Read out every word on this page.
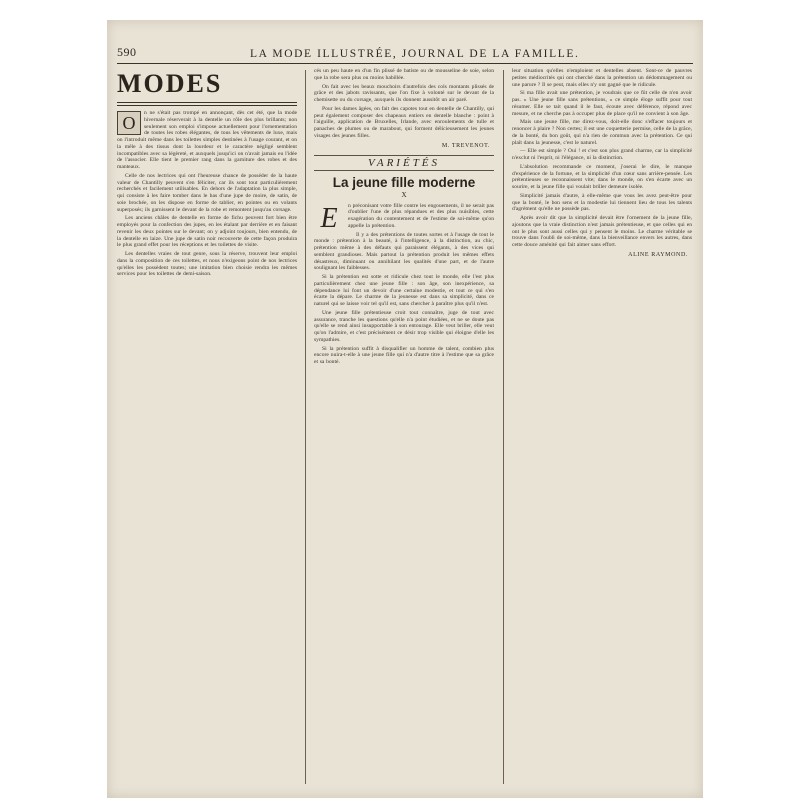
590	LA MODE ILLUSTRÉE, JOURNAL DE LA FAMILLE.
MODES
O	n ne s'était pas trompé en annonçant, dès cet été, que la mode hivernale réserverait à la dentelle un rôle des plus brillants; non seulement son emploi s'impose actuellement pour l'ornementation de toutes les robes élégantes, de tous les vêtements de luxe, mais on l'introduit même dans les toilettes simples destinées à l'usage courant, et on la mêle à des tissus dont la lourdeur et le caractère négligé semblent incompatibles avec sa légèreté, et auxquels jusqu'ici on n'avait jamais eu l'idée de l'associer. Elle tient le premier rang dans la garniture des robes et des manteaux.

Celle de nos lectrices qui ont l'heureuse chance de posséder de la haute valeur de Chantilly peuvent s'en féliciter, car ils sont tout particulièrement recherchés et facilement utilisables. En dehors de l'adaptation la plus simple, qui consiste à les faire tomber dans le bas d'une jupe de moire, de satin, de soie brochée, on les dispose en forme de tablier, en pointes ou en volants superposés; ils garnissent le devant de la robe et remontent jusqu'au corsage.

Les anciens châles de dentelle en forme de fichu peuvent fort bien être employés pour la confection des jupes, en les étalant par derrière et en faisant revenir les deux pointes sur le devant; on y adjoint toujours, bien entendu, de la dentelle en laize. Une jupe de satin noir recouverte de cette façon produira le plus grand effet pour les réceptions et les toilettes de visite.

Les dentelles vraies de tout genre, sous la réserve, trouvent leur emploi dans la composition de ces toilettes, et nous n'exigeons point de nos lectrices qu'elles les possèdent toutes; une imitation bien choisie rendra les mêmes services pour les toilettes de demi-saison.

cés un peu haute en d'un fin plissé de batiste ou de mousseline de soie, selon que la robe sera plus ou moins habillée.

On fait avec les beaux mouchoirs d'autrefois des cols montants plissés de grâce et des jabots ravissants, que l'on fixe à volonté sur le devant de la chemisette ou du corsage, auxquels ils donnent aussitôt un air paré.

Pour les dames âgées, on fait des capotes tout en dentelle de Chantilly, qui peut également composer des chapeaux entiers en dentelle blanche : point à l'aiguille, application de Bruxelles, Irlande, avec enroulements de tulle et panaches de plumes ou de marabout, qui forment délicieusement les jeunes visages des jeunes filles.

M. TREVENOT.
VARIÉTÉS
La jeune fille moderne
X
E	n préconisant votre fille contre les engouements, il ne serait pas d'oublier l'une de plus répandues et des plus nuisibles, cette exagération du contentement et de l'estime de soi-même qu'on appelle la prétention.

Il y a des prétentions de toutes sortes et à l'usage de tout le monde : prétention à la beauté, à l'intelligence, à la distinction, au chic, prétention même à des défauts qui paraissent élégants, à des vices qui semblent grandioses. Mais partout la prétention produit les mêmes effets désastreux, diminuant ou annihilant les qualités d'une part, et de l'autre soulignant les faiblesses.

Si la prétention est sotte et ridicule chez tout le monde, elle l'est plus particulièrement chez une jeune fille : son âge, son inexpérience, sa dépendance lui font un devoir d'une certaine modestie, et tout ce qui s'en écarte la dépare. Le charme de la jeunesse est dans sa simplicité, dans ce naturel qui se laisse voir tel qu'il est, sans chercher à paraître plus qu'il n'est.

Une jeune fille prétentieuse croit tout connaître, juge de tout avec assurance, tranche les questions qu'elle n'a point étudiées, et ne se doute pas qu'elle se rend ainsi insupportable à son entourage. Elle veut briller, elle veut qu'on l'admire, et c'est précisément ce désir trop visible qui éloigne d'elle les sympathies.

Si la prétention suffit à disqualifier un homme de talent, combien plus encore nuira-t-elle à une jeune fille qui n'a d'autre titre à l'estime que sa grâce et sa bonté.

leur situation qu'elles n'emploient et dentelles absent. Sont-ce de pauvres petites médiocrités qui ont cherché dans la prétention un dédommagement ou une parure ? Il se peut, mais elles n'y ont gagné que le ridicule.

Si ma fille avait une prétention, je voudrais que ce fût celle de n'en avoir pas. « Une jeune fille sans prétentions, » ce simple éloge suffit pour tout résumer. Elle se tait quand il le faut, écoute avec déférence, répond avec mesure, et ne cherche pas à occuper plus de place qu'il ne convient à son âge.

Mais une jeune fille, me direz-vous, doit-elle donc s'effacer toujours et renoncer à plaire ? Non certes; il est une coquetterie permise, celle de la grâce, de la bonté, du bon goût, qui n'a rien de commun avec la prétention. Ce qui plaît dans la jeunesse, c'est le naturel.

— Elle est simple ? Oui ! et c'est son plus grand charme, car la simplicité n'exclut ni l'esprit, ni l'élégance, ni la distinction.

L'absolution recommande ce moment, j'oserai le dire, le manque d'expérience de la fortune, et la simplicité d'un cœur sans arrière-pensée. Les prétentieuses se reconnaissent vite; dans le monde, on s'en écarte avec un sourire, et la jeune fille qui voulait briller demeure isolée.

Simplicité jamais d'autre, à elle-même que vous les avez peut-être pour que la bonté, le bon sens et la modestie lui tiennent lieu de tous les talents d'agrément qu'elle ne possède pas.

Après avoir dit que la simplicité devait être l'ornement de la jeune fille, ajoutons que la vraie distinction n'est jamais prétentieuse, et que celles qui en ont le plus sont aussi celles qui y pensent le moins. Le charme véritable se trouve dans l'oubli de soi-même, dans la bienveillance envers les autres, dans cette douce aménité qui fait aimer sans effort.

ALINE RAYMOND.
